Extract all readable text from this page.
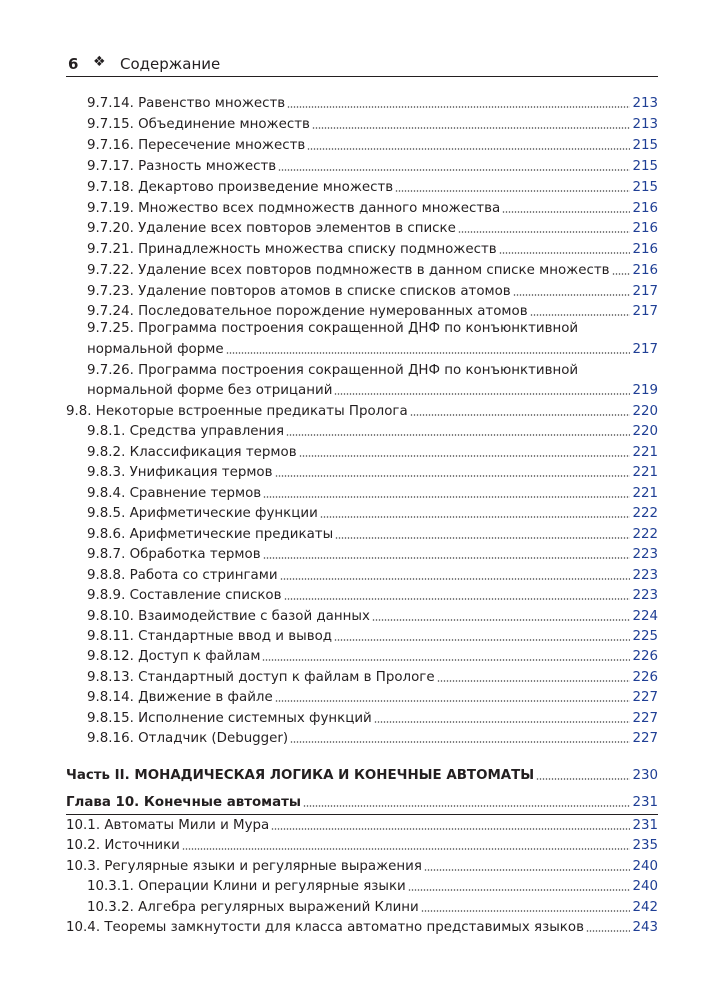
6 ❖ Содержание
9.7.14. Равенство множеств	213
9.7.15. Объединение множеств	213
9.7.16. Пересечение множеств	215
9.7.17. Разность множеств	215
9.7.18. Декартово произведение множеств	215
9.7.19. Множество всех подмножеств данного множества	216
9.7.20. Удаление всех повторов элементов в списке	216
9.7.21. Принадлежность множества списку подмножеств	216
9.7.22. Удаление всех повторов подмножеств в данном списке множеств 216
9.7.23. Удаление повторов атомов в списке списков атомов	217
9.7.24. Последовательное порождение нумерованных атомов	217
9.7.25. Программа построения сокращенной ДНФ по конъюнктивной
нормальной форме	217
9.7.26. Программа построения сокращенной ДНФ по конъюнктивной
нормальной форме без отрицаний	219
9.8. Некоторые встроенные предикаты Пролога	220
9.8.1. Средства управления	220
9.8.2. Классификация термов	221
9.8.3. Унификация термов	221
9.8.4. Сравнение термов	221
9.8.5. Арифметические функции	222
9.8.6. Арифметические предикаты	222
9.8.7. Обработка термов	223
9.8.8. Работа со стрингами	223
9.8.9. Составление списков	223
9.8.10. Взаимодействие с базой данных	224
9.8.11. Стандартные ввод и вывод	225
9.8.12. Доступ к файлам	226
9.8.13. Стандартный доступ к файлам в Прологе	226
9.8.14. Движение в файле	227
9.8.15. Исполнение системных функций	227
9.8.16. Отладчик (Debugger)	227
Часть II. МОНАДИЧЕСКАЯ ЛОГИКА И КОНЕЧНЫЕ АВТОМАТЫ	230
Глава 10. Конечные автоматы	231
10.1. Автоматы Мили и Мура	231
10.2. Источники	235
10.3. Регулярные языки и регулярные выражения	240
10.3.1. Операции Клини и регулярные языки	240
10.3.2. Алгебра регулярных выражений Клини	242
10.4. Теоремы замкнутости для класса автоматно представимых языков	243
